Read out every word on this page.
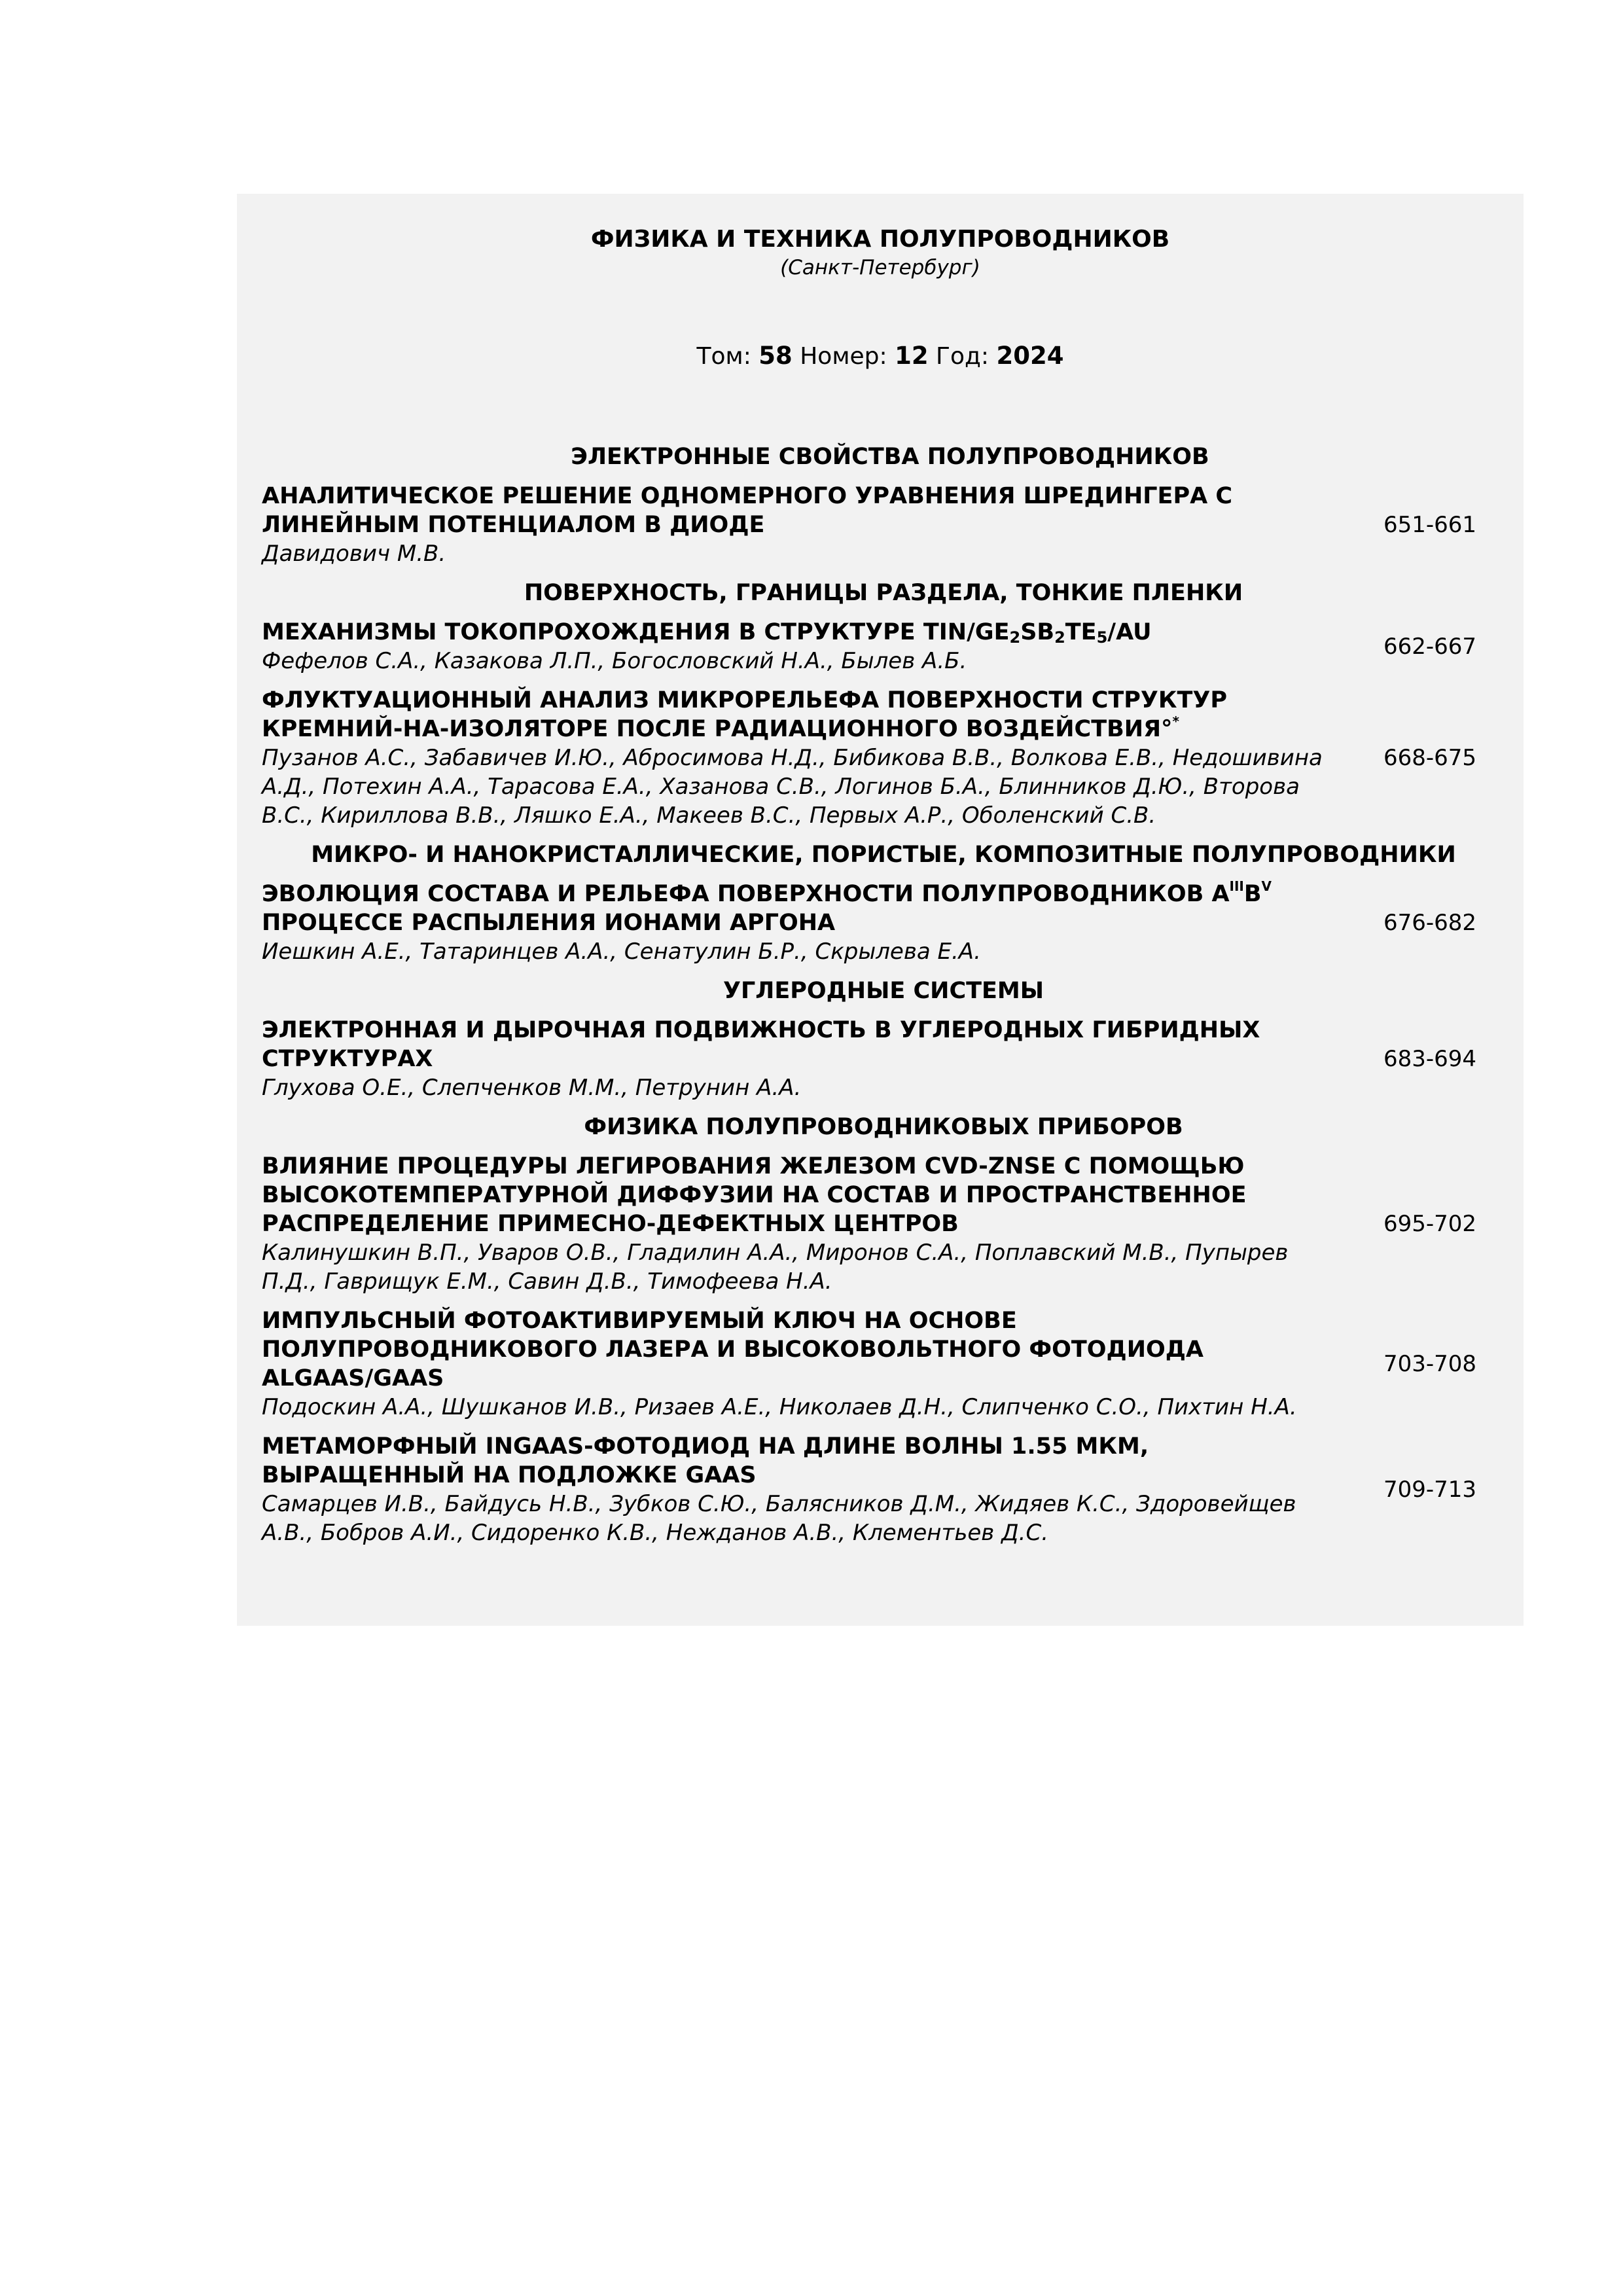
ФИЗИКА И ТЕХНИКА ПОЛУПРОВОДНИКОВ
(Санкт-Петербург)
Том: 58 Номер: 12 Год: 2024
ЭЛЕКТРОННЫЕ СВОЙСТВА ПОЛУПРОВОДНИКОВ
АНАЛИТИЧЕСКОЕ РЕШЕНИЕ ОДНОМЕРНОГО УРАВНЕНИЯ ШРЕДИНГЕРА С ЛИНЕЙНЫМ ПОТЕНЦИАЛОМ В ДИОДЕ
Давидович М.В.
651-661
ПОВЕРХНОСТЬ, ГРАНИЦЫ РАЗДЕЛА, ТОНКИЕ ПЛЕНКИ
МЕХАНИЗМЫ ТОКОПРОХОЖДЕНИЯ В СТРУКТУРЕ TIN/$GE_2SB_2TE_5/AU$
Фефелов С.А., Казакова Л.П., Богословский Н.А., Былев А.Б.
662-667
ФЛУКТУАЦИОННЫЙ АНАЛИЗ МИКРОРЕЛЬЕФА ПОВЕРХНОСТИ СТРУКТУР КРЕМНИЙ-НА-ИЗОЛЯТОРЕ ПОСЛЕ РАДИАЦИОННОГО ВОЗДЕЙСТВИЯ°*
Пузанов А.С., Забавичев И.Ю., Абросимова Н.Д., Бибикова В.В., Волкова Е.В., Недошивина А.Д., Потехин А.А., Тарасова Е.А., Хазанова С.В., Логинов Б.А., Блинников Д.Ю., Второва В.С., Кириллова В.В., Ляшко Е.А., Макеев В.С., Первых А.Р., Оболенский С.В.
668-675
МИКРО- И НАНОКРИСТАЛЛИЧЕСКИЕ, ПОРИСТЫЕ, КОМПОЗИТНЫЕ ПОЛУПРОВОДНИКИ
ЭВОЛЮЦИЯ СОСТАВА И РЕЛЬЕФА ПОВЕРХНОСТИ ПОЛУПРОВОДНИКОВ $A^{III}B^V$ ПРОЦЕССЕ РАСПЫЛЕНИЯ ИОНАМИ АРГОНА
Иешкин А.Е., Татаринцев А.А., Сенатулин Б.Р., Скрылева Е.А.
676-682
УГЛЕРОДНЫЕ СИСТЕМЫ
ЭЛЕКТРОННАЯ И ДЫРОЧНАЯ ПОДВИЖНОСТЬ В УГЛЕРОДНЫХ ГИБРИДНЫХ СТРУКТУРАХ
Глухова О.Е., Слепченков М.М., Петрунин А.А.
683-694
ФИЗИКА ПОЛУПРОВОДНИКОВЫХ ПРИБОРОВ
ВЛИЯНИЕ ПРОЦЕДУРЫ ЛЕГИРОВАНИЯ ЖЕЛЕЗОМ CVD-ZNSE С ПОМОЩЬЮ ВЫСОКОТЕМПЕРАТУРНОЙ ДИФФУЗИИ НА СОСТАВ И ПРОСТРАНСТВЕННОЕ РАСПРЕДЕЛЕНИЕ ПРИМЕСНО-ДЕФЕКТНЫХ ЦЕНТРОВ
Калинушкин В.П., Уваров О.В., Гладилин А.А., Миронов С.А., Поплавский М.В., Пупырев П.Д., Гаврищук Е.М., Савин Д.В., Тимофеева Н.А.
695-702
ИМПУЛЬСНЫЙ ФОТОАКТИВИРУЕМЫЙ КЛЮЧ НА ОСНОВЕ ПОЛУПРОВОДНИКОВОГО ЛАЗЕРА И ВЫСОКОВОЛЬТНОГО ФОТОДИОДА ALGAAS/GAAS
Подоскин А.А., Шушканов И.В., Ризаев А.Е., Николаев Д.Н., Слипченко С.О., Пихтин Н.А.
703-708
МЕТАМОРФНЫЙ INGAAS-ФОТОДИОД НА ДЛИНЕ ВОЛНЫ 1.55 МКМ, ВЫРАЩЕННЫЙ НА ПОДЛОЖКЕ GAAS
Самарцев И.В., Байдусь Н.В., Зубков С.Ю., Балясников Д.М., Жидяев К.С., Здоровейщев А.В., Бобров А.И., Сидоренко К.В., Нежданов А.В., Клементьев Д.С.
709-713
